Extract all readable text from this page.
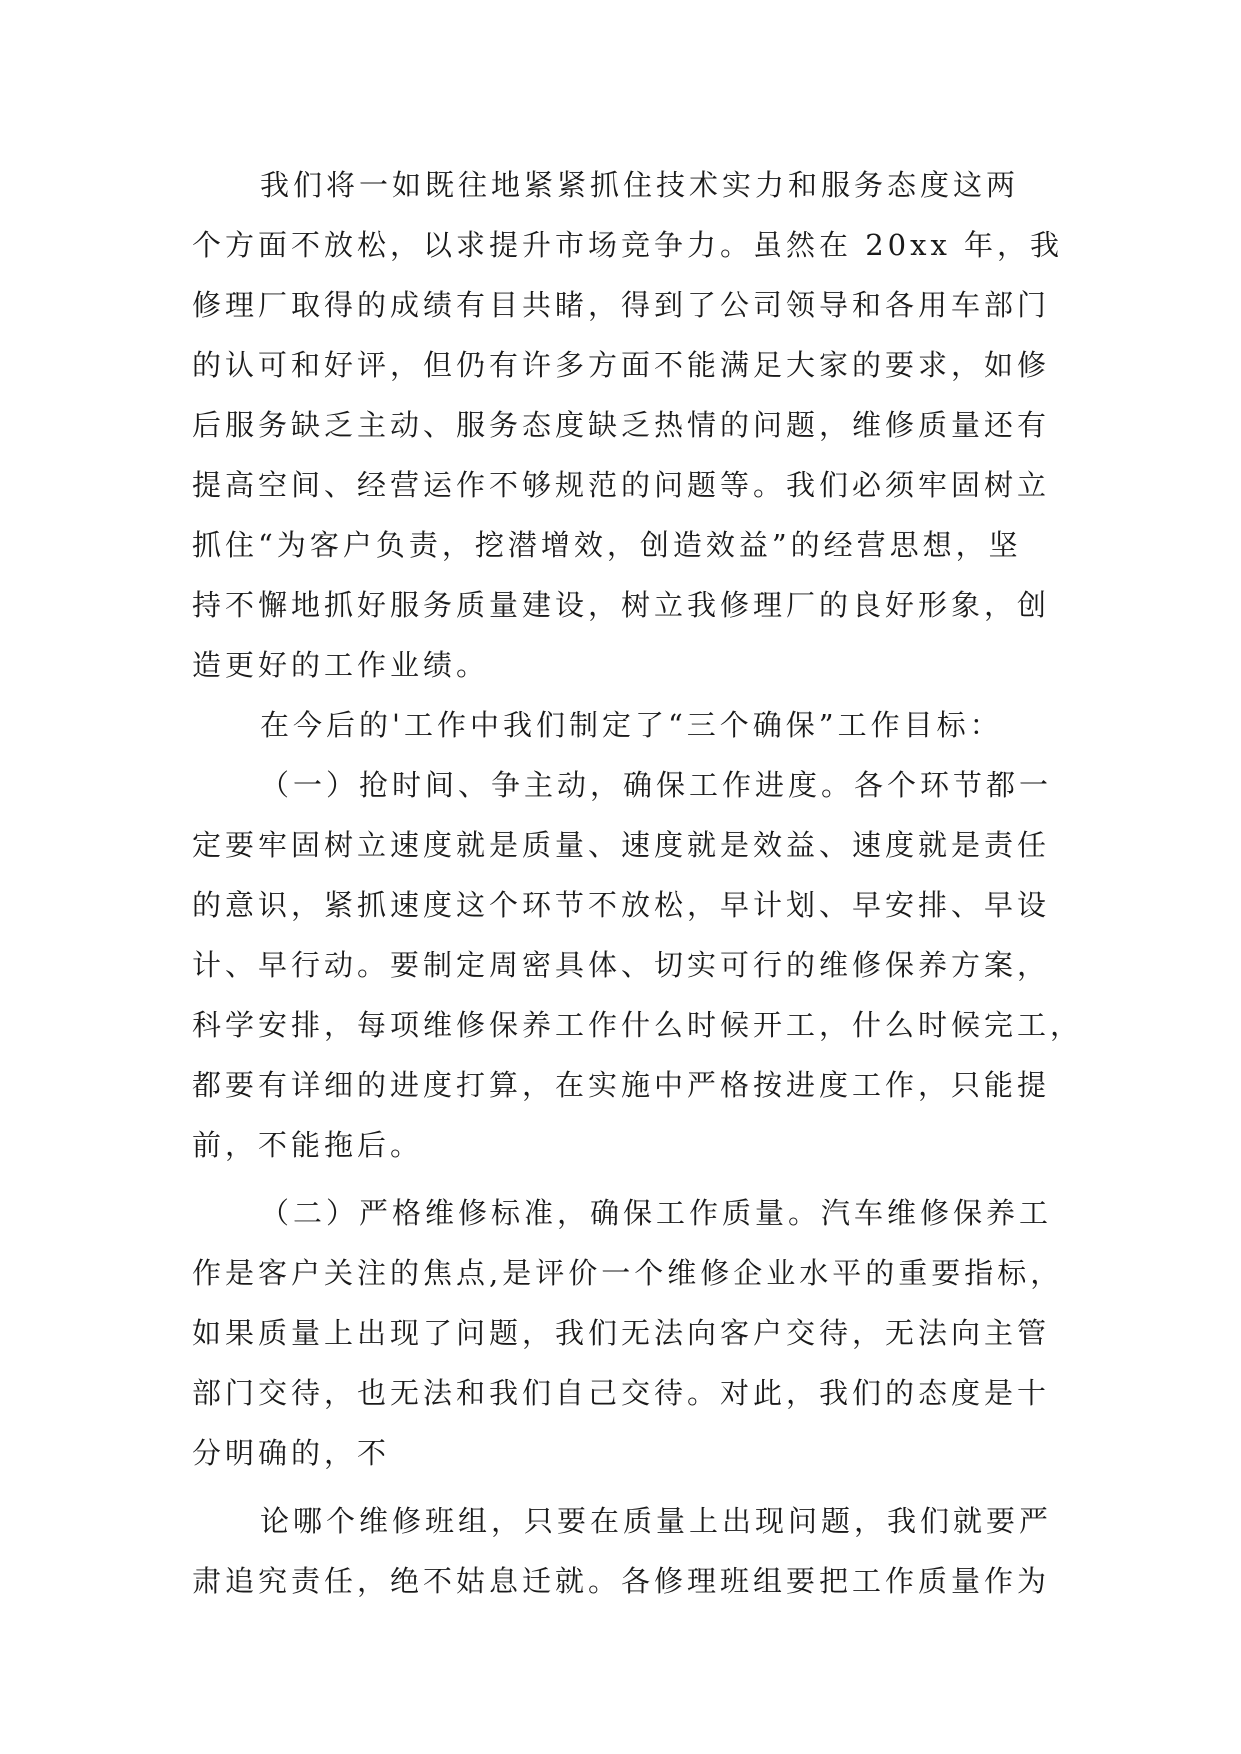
我们将一如既往地紧紧抓住技术实力和服务态度这两
个方面不放松，以求提升市场竞争力。虽然在 20xx 年，我
修理厂取得的成绩有目共睹，得到了公司领导和各用车部门
的认可和好评，但仍有许多方面不能满足大家的要求，如修
后服务缺乏主动、服务态度缺乏热情的问题，维修质量还有
提高空间、经营运作不够规范的问题等。我们必须牢固树立
抓住“为客户负责，挖潜增效，创造效益”的经营思想，坚
持不懈地抓好服务质量建设，树立我修理厂的良好形象，创
造更好的工作业绩。
在今后的'工作中我们制定了“三个确保”工作目标：
（一）抢时间、争主动，确保工作进度。各个环节都一
定要牢固树立速度就是质量、速度就是效益、速度就是责任
的意识，紧抓速度这个环节不放松，早计划、早安排、早设
计、早行动。要制定周密具体、切实可行的维修保养方案，
科学安排，每项维修保养工作什么时候开工，什么时候完工，
都要有详细的进度打算，在实施中严格按进度工作，只能提
前，不能拖后。
（二）严格维修标准，确保工作质量。汽车维修保养工
作是客户关注的焦点,是评价一个维修企业水平的重要指标，
如果质量上出现了问题，我们无法向客户交待，无法向主管
部门交待，也无法和我们自己交待。对此，我们的态度是十
分明确的，不
论哪个维修班组，只要在质量上出现问题，我们就要严
肃追究责任，绝不姑息迁就。各修理班组要把工作质量作为
